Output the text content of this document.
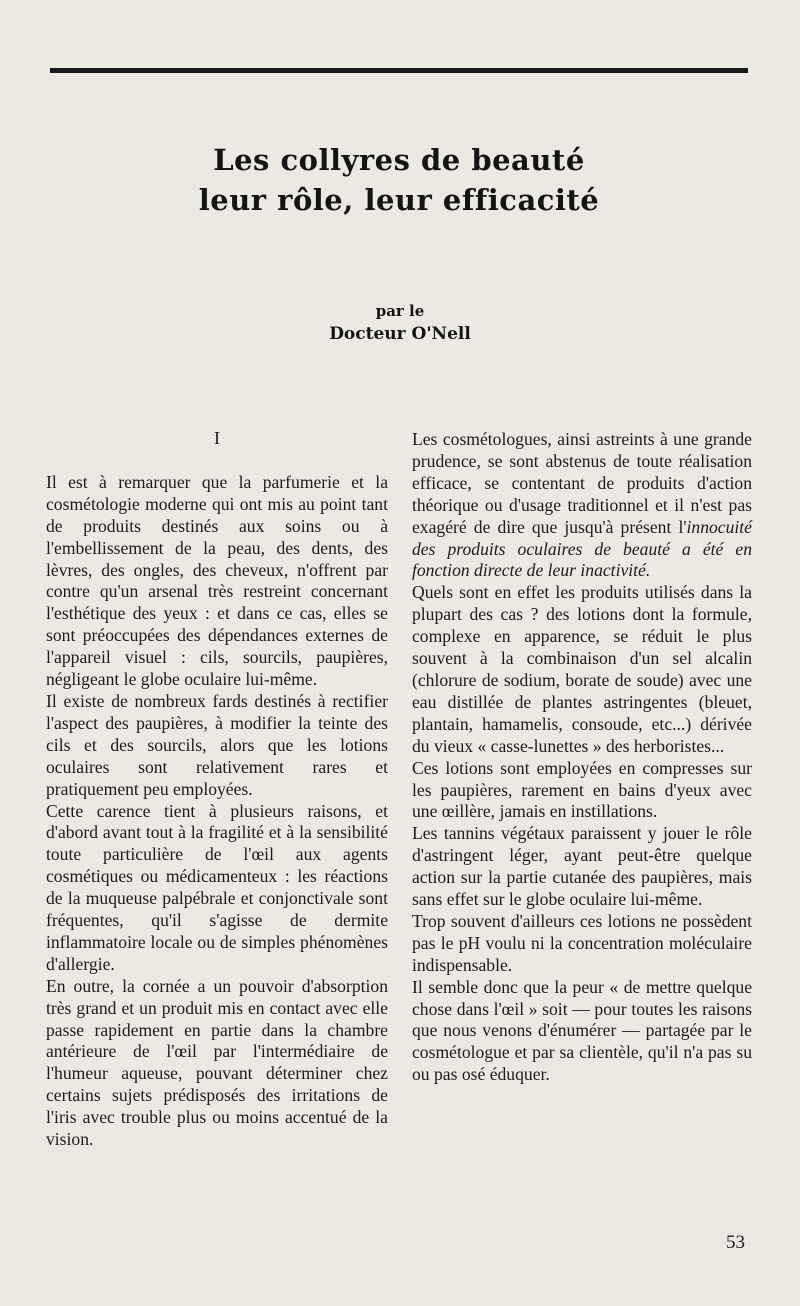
Les collyres de beauté
leur rôle, leur efficacité
par le
Docteur O'Nell
I

Il est à remarquer que la parfumerie et la cosmétologie moderne qui ont mis au point tant de produits destinés aux soins ou à l'embellissement de la peau, des dents, des lèvres, des ongles, des cheveux, n'offrent par contre qu'un arsenal très restreint concernant l'esthétique des yeux : et dans ce cas, elles se sont préoccupées des dépendances externes de l'appareil visuel : cils, sourcils, paupières, négligeant le globe oculaire lui-même.

Il existe de nombreux fards destinés à rectifier l'aspect des paupières, à modifier la teinte des cils et des sourcils, alors que les lotions oculaires sont relativement rares et pratiquement peu employées.

Cette carence tient à plusieurs raisons, et d'abord avant tout à la fragilité et à la sensibilité toute particulière de l'œil aux agents cosmétiques ou médicamenteux : les réactions de la muqueuse palpébrale et conjonctivale sont fréquentes, qu'il s'agisse de dermite inflammatoire locale ou de simples phénomènes d'allergie.

En outre, la cornée a un pouvoir d'absorption très grand et un produit mis en contact avec elle passe rapidement en partie dans la chambre antérieure de l'œil par l'intermédiaire de l'humeur aqueuse, pouvant déterminer chez certains sujets prédisposés des irritations de l'iris avec trouble plus ou moins accentué de la vision.

Les cosmétologues, ainsi astreints à une grande prudence, se sont abstenus de toute réalisation efficace, se contentant de produits d'action théorique ou d'usage traditionnel et il n'est pas exagéré de dire que jusqu'à présent l'innocuité des produits oculaires de beauté a été en fonction directe de leur inactivité.

Quels sont en effet les produits utilisés dans la plupart des cas ? des lotions dont la formule, complexe en apparence, se réduit le plus souvent à la combinaison d'un sel alcalin (chlorure de sodium, borate de soude) avec une eau distillée de plantes astringentes (bleuet, plantain, hamamelis, consoude, etc...) dérivée du vieux « casse-lunettes » des herboristes...

Ces lotions sont employées en compresses sur les paupières, rarement en bains d'yeux avec une œillère, jamais en instillations.

Les tannins végétaux paraissent y jouer le rôle d'astringent léger, ayant peut-être quelque action sur la partie cutanée des paupières, mais sans effet sur le globe oculaire lui-même.

Trop souvent d'ailleurs ces lotions ne possèdent pas le pH voulu ni la concentration moléculaire indispensable.

Il semble donc que la peur « de mettre quelque chose dans l'œil » soit — pour toutes les raisons que nous venons d'énumérer — partagée par le cosmétologue et par sa clientèle, qu'il n'a pas su ou pas osé éduquer.

53
